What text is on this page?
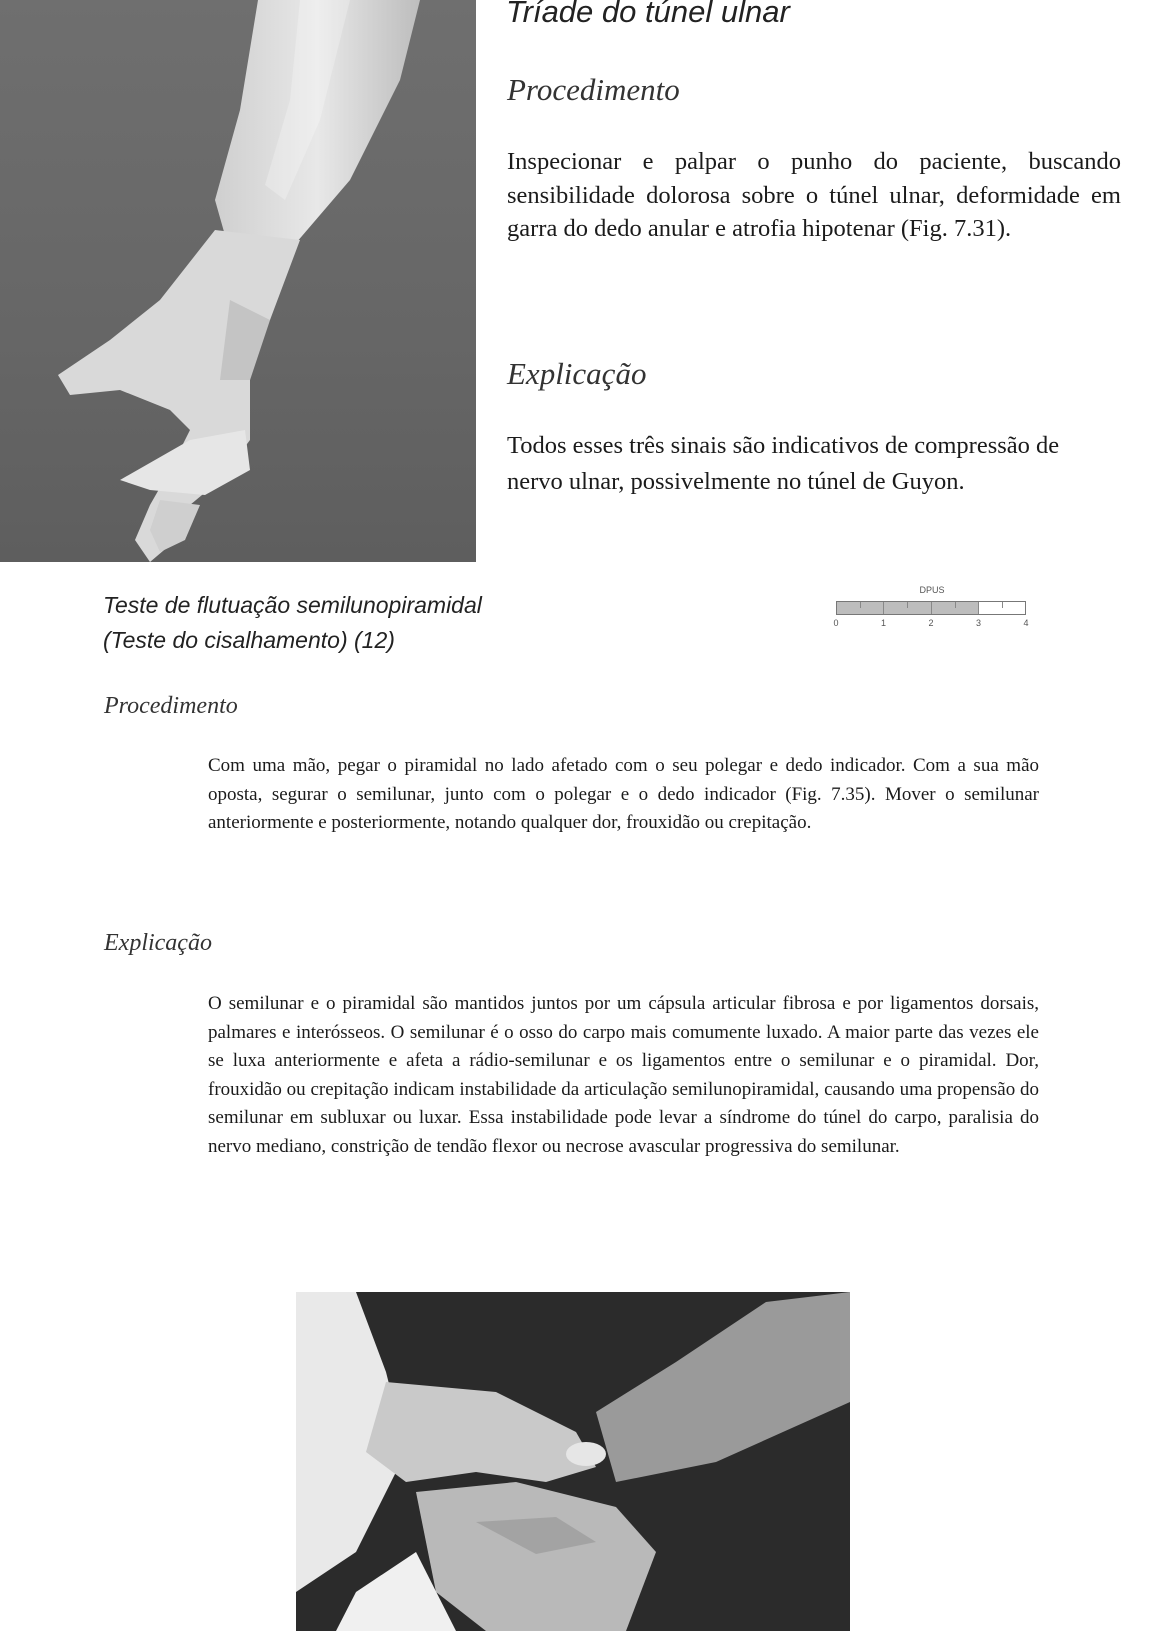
Tríade do túnel ulnar
Procedimento

Inspecionar e palpar o punho do paciente, buscando sensibilidade dolorosa sobre o túnel ulnar, deformidade em garra do dedo anular e atrofia hipotenar (Fig. 7.31).

Explicação

Todos esses três sinais são indicativos de compressão de nervo ulnar, possivelmente no túnel de Guyon.

Teste de flutuação semilunopiramidal
(Teste do cisalhamento) (12)
DPUS
0	1	2	3	4
Procedimento

Com uma mão, pegar o piramidal no lado afetado com o seu polegar e dedo indicador. Com a sua mão oposta, segurar o semilunar, junto com o polegar e o dedo indicador (Fig. 7.35). Mover o semilunar anteriormente e posteriormente, notando qualquer dor, frouxidão ou crepitação.

Explicação

O semilunar e o piramidal são mantidos juntos por um cápsula articular fibrosa e por ligamentos dorsais, palmares e interósseos. O semilunar é o osso do carpo mais comumente luxado. A maior parte das vezes ele se luxa anteriormente e afeta a rádio-semilunar e os ligamentos entre o semilunar e o piramidal. Dor, frouxidão ou crepitação indicam instabilidade da articulação semilunopiramidal, causando uma propensão do semilunar em subluxar ou luxar. Essa instabilidade pode levar a síndrome do túnel do carpo, paralisia do nervo mediano, constrição de tendão flexor ou necrose avascular progressiva do semilunar.
